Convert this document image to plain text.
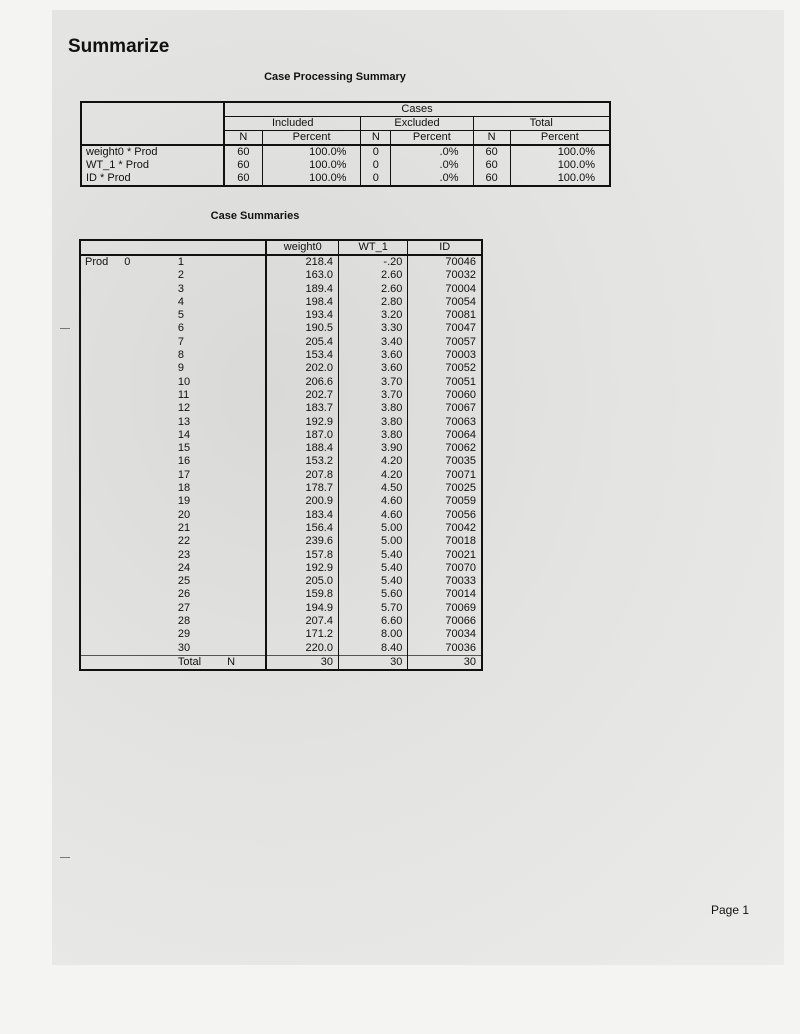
Summarize

Case Processing Summary

	Cases					
	Included		Excluded		Total	
	N	Percent	N	Percent	N	Percent
weight0 * Prod	60	100.0%	0	.0%	60	100.0%
WT_1 * Prod	60	100.0%	0	.0%	60	100.0%
ID * Prod	60	100.0%	0	.0%	60	100.0%

Case Summaries

		weight0	WT_1	ID
Prod 0	1	218.4	-.20	70046
	2	163.0	2.60	70032
	3	189.4	2.60	70004
	4	198.4	2.80	70054
	5	193.4	3.20	70081
	6	190.5	3.30	70047
	7	205.4	3.40	70057
	8	153.4	3.60	70003
	9	202.0	3.60	70052
	10	206.6	3.70	70051
	11	202.7	3.70	70060
	12	183.7	3.80	70067
	13	192.9	3.80	70063
	14	187.0	3.80	70064
	15	188.4	3.90	70062
	16	153.2	4.20	70035
	17	207.8	4.20	70071
	18	178.7	4.50	70025
	19	200.9	4.60	70059
	20	183.4	4.60	70056
	21	156.4	5.00	70042
	22	239.6	5.00	70018
	23	157.8	5.40	70021
	24	192.9	5.40	70070
	25	205.0	5.40	70033
	26	159.8	5.60	70014
	27	194.9	5.70	70069
	28	207.4	6.60	70066
	29	171.2	8.00	70034
	30	220.0	8.40	70036
	Total N	30	30	30

Page 1
